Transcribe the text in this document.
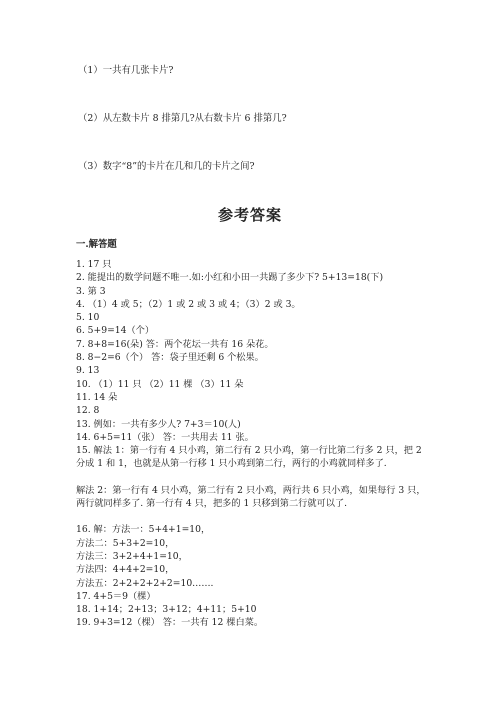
（1）一共有几张卡片?
（2）从左数卡片 8 排第几?从右数卡片 6 排第几?
（3）数字“8”的卡片在几和几的卡片之间?
参考答案
一.解答题
1. 17 只
2. 能提出的数学问题不唯一.如:小红和小田一共踢了多少下? 5+13=18(下)
3. 第 3
4. （1）4 或 5；（2）1 或 2 或 3 或 4；（3）2 或 3。
5. 10
6. 5+9=14（个）
7. 8+8=16(朵) 答：两个花坛一共有 16 朵花。
8. 8−2=6（个） 答：袋子里还剩 6 个松果。
9. 13
10. （1）11 只 （2）11 棵 （3）11 朵
11. 14 朵
12. 8
13. 例如：一共有多少人? 7+3＝10(人)
14. 6+5=11（张） 答：一共用去 11 张。
15. 解法 1：第一行有 4 只小鸡，第二行有 2 只小鸡，第一行比第二行多 2 只，把 2 分成 1 和 1，也就是从第一行移 1 只小鸡到第二行，两行的小鸡就同样多了.
解法 2：第一行有 4 只小鸡，第二行有 2 只小鸡，两行共 6 只小鸡，如果每行 3 只，两行就同样多了. 第一行有 4 只，把多的 1 只移到第二行就可以了.
16. 解：方法一：5+4+1=10，
方法二：5+3+2=10，
方法三：3+2+4+1=10，
方法四：4+4+2=10，
方法五：2+2+2+2+2=10…….
17. 4+5＝9（棵）
18. 1+14；2+13；3+12；4+11；5+10
19. 9+3=12（棵） 答：一共有 12 棵白菜。
